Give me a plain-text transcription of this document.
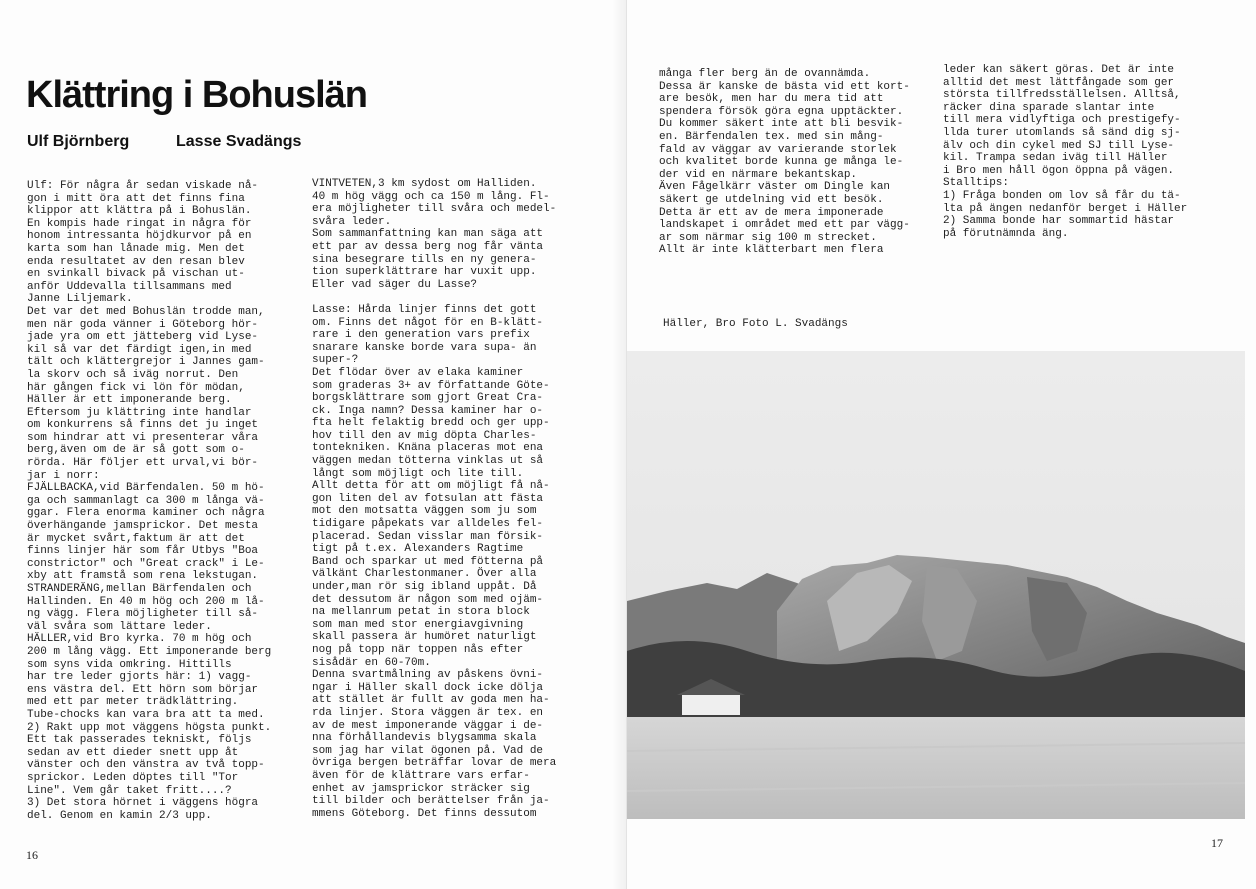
Klättring i Bohuslän
Ulf Björnberg	Lasse Svadängs
Ulf: För några år sedan viskade nå-
gon i mitt öra att det finns fina
klippor att klättra på i Bohuslän.
En kompis hade ringat in några för
honom intressanta höjdkurvor på en
karta som han lånade mig. Men det
enda resultatet av den resan blev
en svinkall bivack på vischan ut-
anför Uddevalla tillsammans med
Janne Liljemark.
Det var det med Bohuslän trodde man,
men när goda vänner i Göteborg hör-
jade yra om ett jätteberg vid Lyse-
kil så var det färdigt igen,in med
tält och klättergrejor i Jannes gam-
la skorv och så iväg norrut. Den
här gången fick vi lön för mödan,
Häller är ett imponerande berg.
Eftersom ju klättring inte handlar
om konkurrens så finns det ju inget
som hindrar att vi presenterar våra
berg,även om de är så gott som o-
rörda. Här följer ett urval,vi bör-
jar i norr:
FJÄLLBACKA,vid Bärfendalen. 50 m hö-
ga och sammanlagt ca 300 m långa vä-
ggar. Flera enorma kaminer och några
överhängande jamsprickor. Det mesta
är mycket svårt,faktum är att det
finns linjer här som får Utbys "Boa
constrictor" och "Great crack" i Le-
xby att framstå som rena lekstugan.
STRANDERÄNG,mellan Bärfendalen och
Hallinden. En 40 m hög och 200 m lå-
ng vägg. Flera möjligheter till så-
väl svåra som lättare leder.
HÄLLER,vid Bro kyrka. 70 m hög och
200 m lång vägg. Ett imponerande berg
som syns vida omkring. Hittills
har tre leder gjorts här: 1) vagg-
ens västra del. Ett hörn som börjar
med ett par meter trädklättring.
Tube-chocks kan vara bra att ta med.
2) Rakt upp mot väggens högsta punkt.
Ett tak passerades tekniskt, följs
sedan av ett dieder snett upp åt
vänster och den vänstra av två topp-
sprickor. Leden döptes till "Tor
Line". Vem går taket fritt....?
3) Det stora hörnet i väggens högra
del. Genom en kamin 2/3 upp.
VINTVETEN,3 km sydost om Halliden.
40 m hög vägg och ca 150 m lång. Fl-
era möjligheter till svåra och medel-
svåra leder.
Som sammanfattning kan man säga att
ett par av dessa berg nog får vänta
sina besegrare tills en ny genera-
tion superklättrare har vuxit upp.
Eller vad säger du Lasse?

Lasse: Hårda linjer finns det gott
om. Finns det något för en B-klätt-
rare i den generation vars prefix
snarare kanske borde vara supa- än
super-?
Det flödar över av elaka kaminer
som graderas 3+ av författande Göte-
borgsklättrare som gjort Great Cra-
ck. Inga namn? Dessa kaminer har o-
fta helt felaktig bredd och ger upp-
hov till den av mig döpta Charles-
tontekniken. Knäna placeras mot ena
väggen medan tötterna vinklas ut så
långt som möjligt och lite till.
Allt detta för att om möjligt få nå-
gon liten del av fotsulan att fästa
mot den motsatta väggen som ju som
tidigare påpekats var alldeles fel-
placerad. Sedan visslar man försik-
tigt på t.ex. Alexanders Ragtime
Band och sparkar ut med fötterna på
välkänt Charlestonmaner. Över alla
under,man rör sig ibland uppåt. Då
det dessutom är någon som med ojäm-
na mellanrum petat in stora block
som man med stor energiavgivning
skall passera är humöret naturligt
nog på topp när toppen nås efter
sisådär en 60-70m.
Denna svartmålning av påskens övni-
ngar i Häller skall dock icke dölja
att stället är fullt av goda men ha-
rda linjer. Stora väggen är tex. en
av de mest imponerande väggar i de-
nna förhållandevis blygsamma skala
som jag har vilat ögonen på. Vad de
övriga bergen beträffar lovar de mera
även för de klättrare vars erfar-
enhet av jamsprickor sträcker sig
till bilder och berättelser från ja-
mmens Göteborg. Det finns dessutom
16
många fler berg än de ovannämda.
Dessa är kanske de bästa vid ett kort-
are besök, men har du mera tid att
spendera försök göra egna upptäckter.
Du kommer säkert inte att bli besvik-
en. Bärfendalen tex. med sin mång-
fald av väggar av varierande storlek
och kvalitet borde kunna ge många le-
der vid en närmare bekantskap.
Även Fågelkärr väster om Dingle kan
säkert ge utdelning vid ett besök.
Detta är ett av de mera imponerade
landskapet i området med ett par vägg-
ar som närmar sig 100 m strecket.
Allt är inte klätterbart men flera
leder kan säkert göras. Det är inte
alltid det mest lättfångade som ger
största tillfredsställelsen. Alltså,
räcker dina sparade slantar inte
till mera vidlyftiga och prestigefy-
llda turer utomlands så sänd dig sj-
älv och din cykel med SJ till Lyse-
kil. Trampa sedan iväg till Häller
i Bro men håll ögon öppna på vägen.
Stalltips:
1) Fråga bonden om lov så får du tä-
lta på ängen nedanför berget i Häller
2) Samma bonde har sommartid hästar
på förutnämnda äng.
Häller, Bro Foto L. Svadängs
17
